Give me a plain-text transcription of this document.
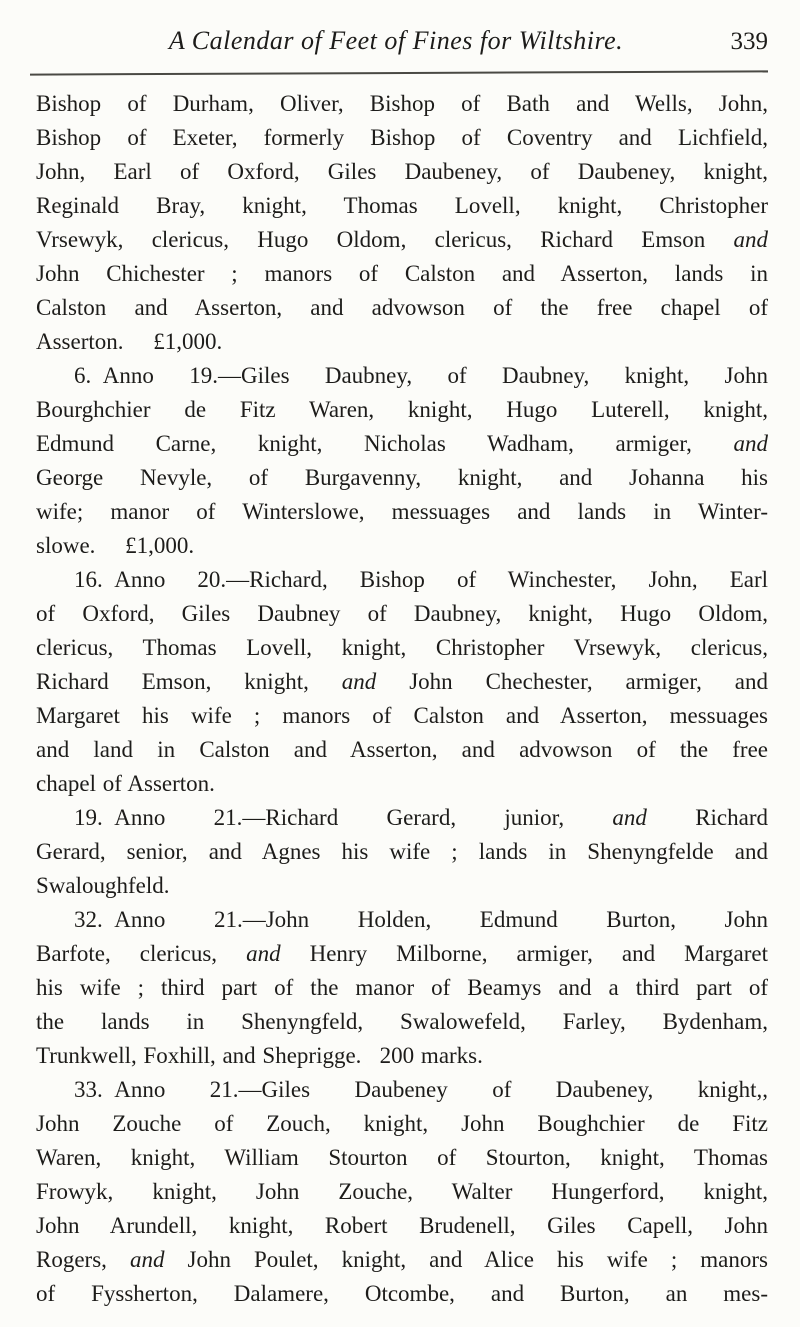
A Calendar of Feet of Fines for Wiltshire.	339
Bishop of Durham, Oliver, Bishop of Bath and Wells, John,
Bishop of Exeter, formerly Bishop of Coventry and Lichfield,
John, Earl of Oxford, Giles Daubeney, of Daubeney, knight,
Reginald Bray, knight, Thomas Lovell, knight, Christopher
Vrsewyk, clericus, Hugo Oldom, clericus, Richard Emson and
John Chichester ; manors of Calston and Asserton, lands in
Calston and Asserton, and advowson of the free chapel of
Asserton.  £1,000.
6. Anno 19.—Giles Daubney, of Daubney, knight, John
Bourghchier de Fitz Waren, knight, Hugo Luterell, knight,
Edmund Carne, knight, Nicholas Wadham, armiger, and
George Nevyle, of Burgavenny, knight, and Johanna his
wife; manor of Winterslowe, messuages and lands in Winter-
slowe.  £1,000.
16. Anno 20.—Richard, Bishop of Winchester, John, Earl
of Oxford, Giles Daubney of Daubney, knight, Hugo Oldom,
clericus, Thomas Lovell, knight, Christopher Vrsewyk, clericus,
Richard Emson, knight, and John Chechester, armiger, and
Margaret his wife ; manors of Calston and Asserton, messuages
and land in Calston and Asserton, and advowson of the free
chapel of Asserton.
19. Anno 21.—Richard Gerard, junior, and Richard
Gerard, senior, and Agnes his wife ; lands in Shenyngfelde and
Swaloughfeld.
32. Anno 21.—John Holden, Edmund Burton, John
Barfote, clericus, and Henry Milborne, armiger, and Margaret
his wife ; third part of the manor of Beamys and a third part of
the lands in Shenyngfeld, Swalowefeld, Farley, Bydenham,
Trunkwell, Foxhill, and Sheprigge.  200 marks.
33. Anno 21.—Giles Daubeney of Daubeney, knight,,
John Zouche of Zouch, knight, John Boughchier de Fitz
Waren, knight, William Stourton of Stourton, knight, Thomas
Frowyk, knight, John Zouche, Walter Hungerford, knight,
John Arundell, knight, Robert Brudenell, Giles Capell, John
Rogers, and John Poulet, knight, and Alice his wife ; manors
of Fyssherton, Dalamere, Otcombe, and Burton, an mes-
